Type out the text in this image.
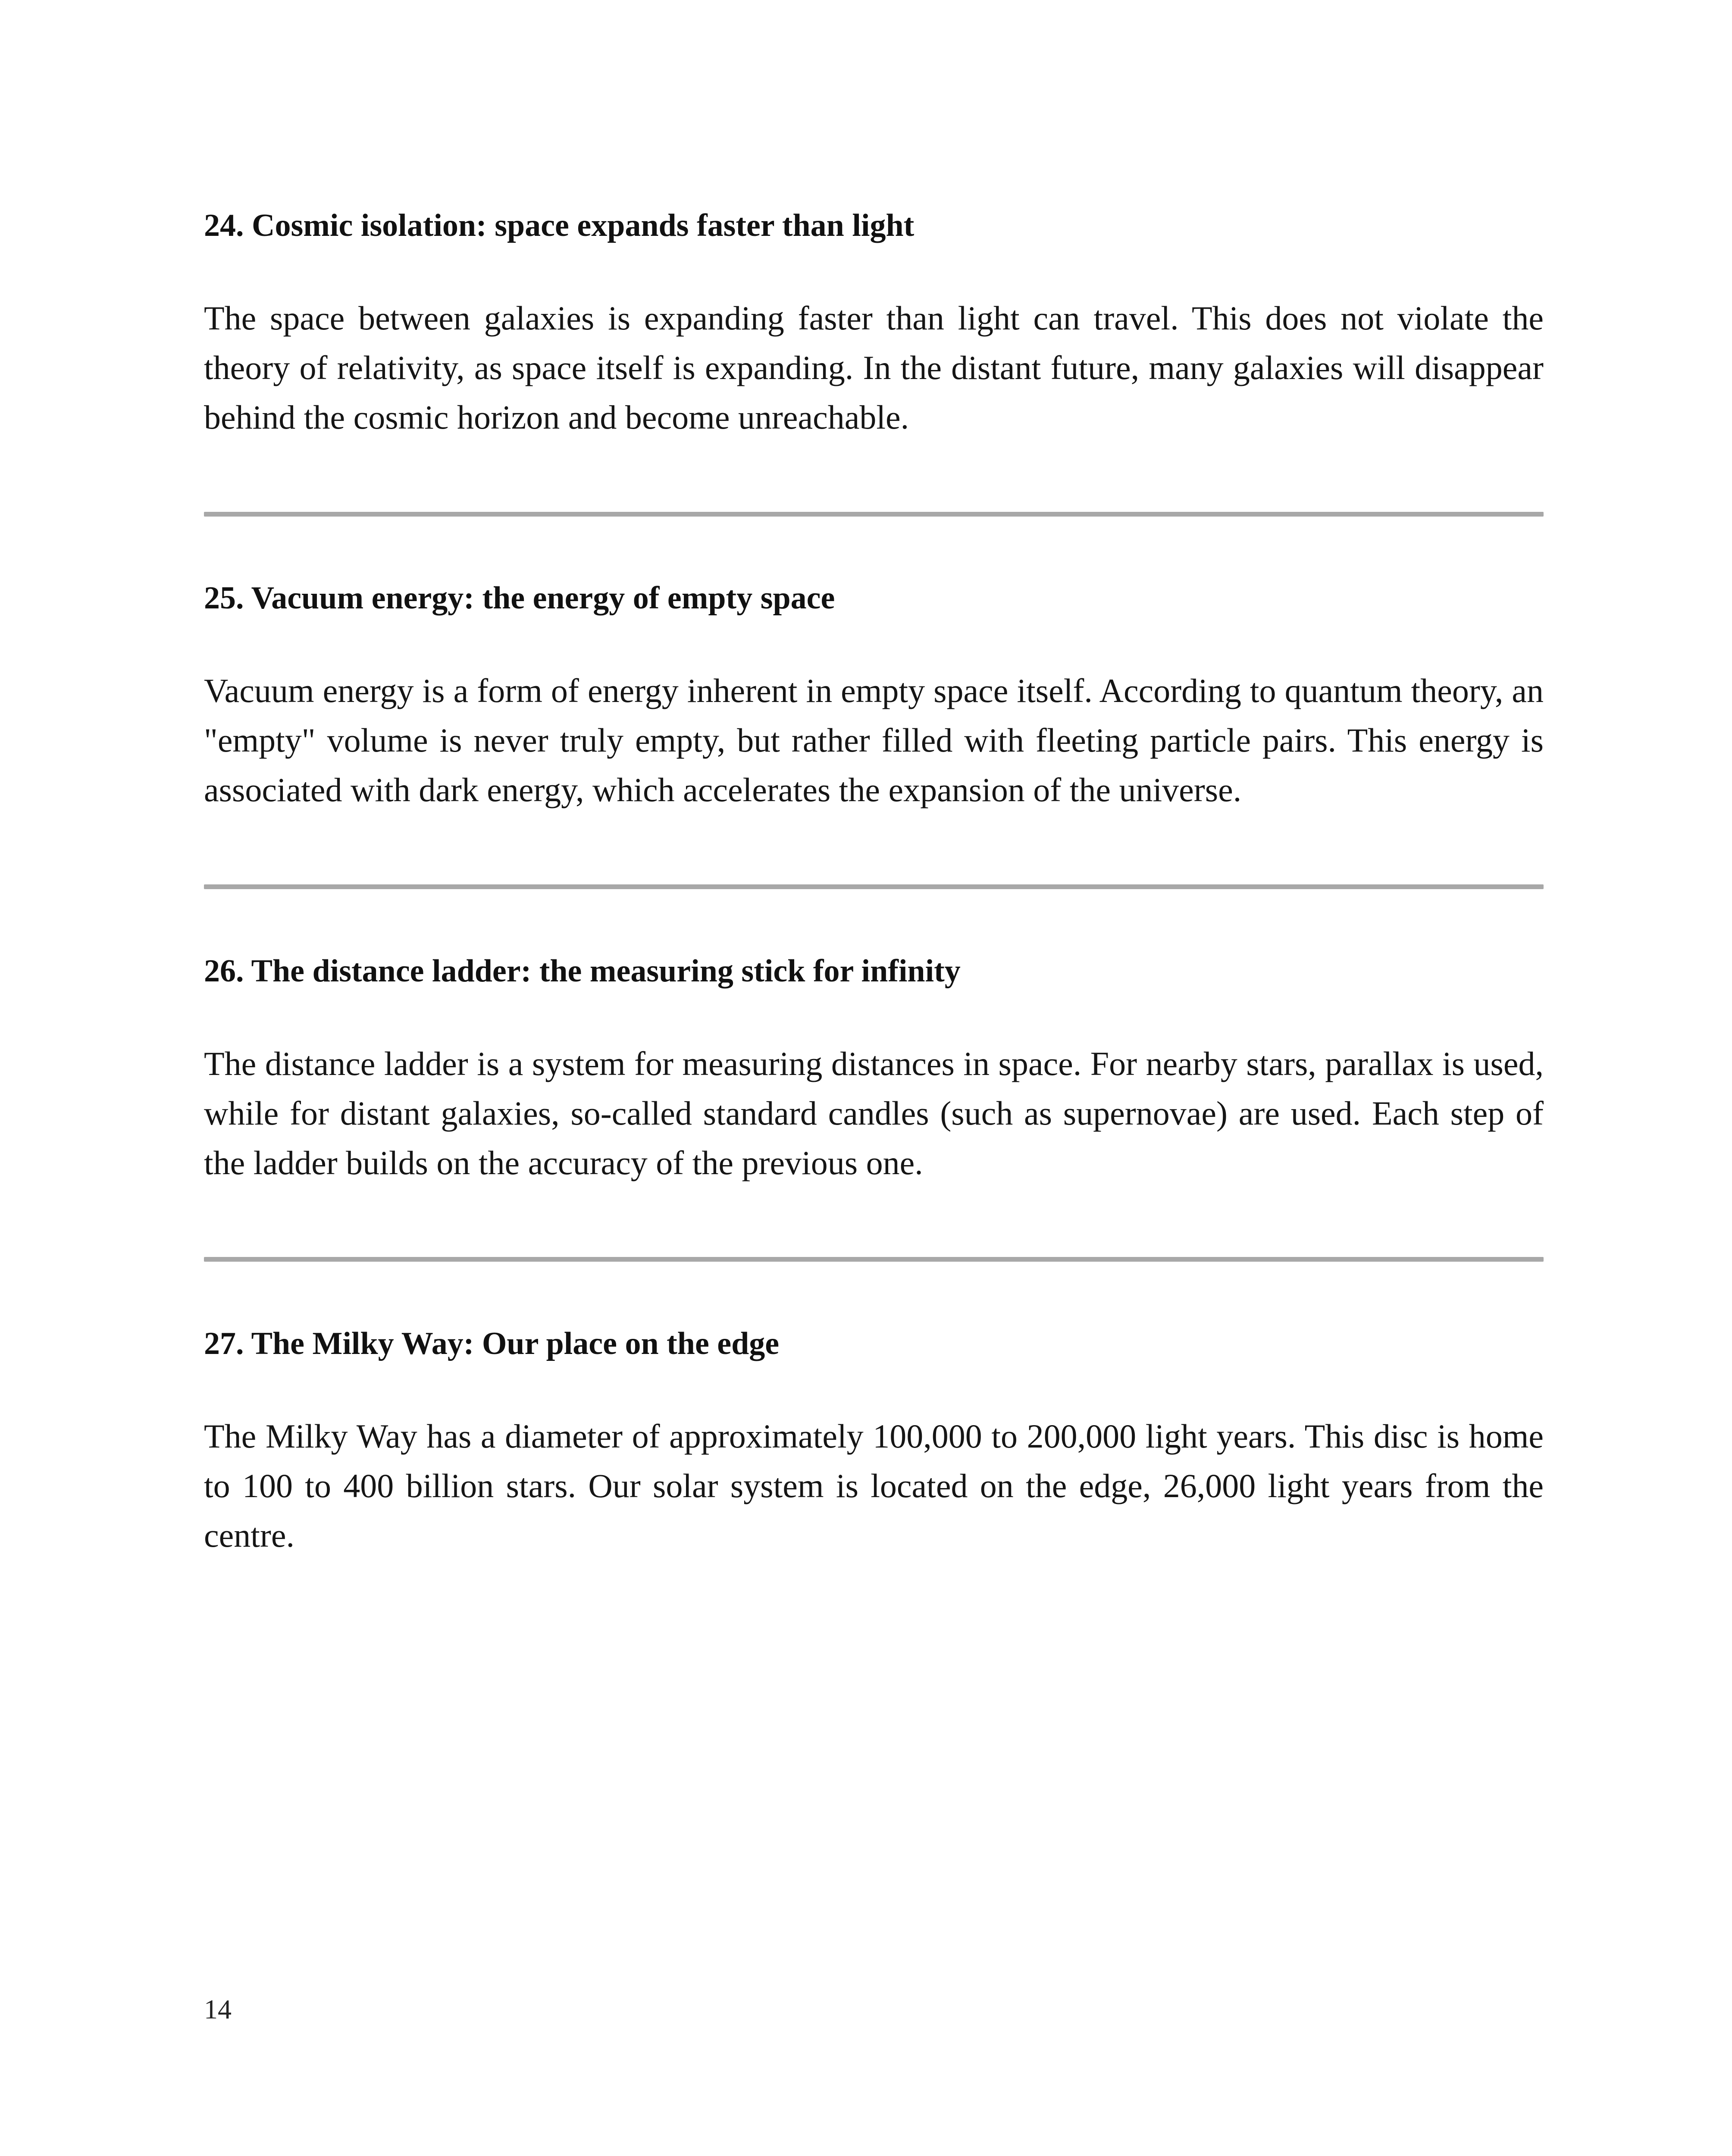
24. Cosmic isolation: space expands faster than light

The space between galaxies is expanding faster than light can travel. This does not violate the theory of relativity, as space itself is expanding. In the distant future, many galaxies will disappear behind the cosmic horizon and become unreachable.

25. Vacuum energy: the energy of empty space

Vacuum energy is a form of energy inherent in empty space itself. According to quantum theory, an "empty" volume is never truly empty, but rather filled with fleeting particle pairs. This energy is associated with dark energy, which accelerates the expansion of the universe.

26. The distance ladder: the measuring stick for infinity

The distance ladder is a system for measuring distances in space. For nearby stars, parallax is used, while for distant galaxies, so-called standard candles (such as supernovae) are used. Each step of the ladder builds on the accuracy of the previous one.

27. The Milky Way: Our place on the edge

The Milky Way has a diameter of approximately 100,000 to 200,000 light years. This disc is home to 100 to 400 billion stars. Our solar system is located on the edge, 26,000 light years from the centre.

14
